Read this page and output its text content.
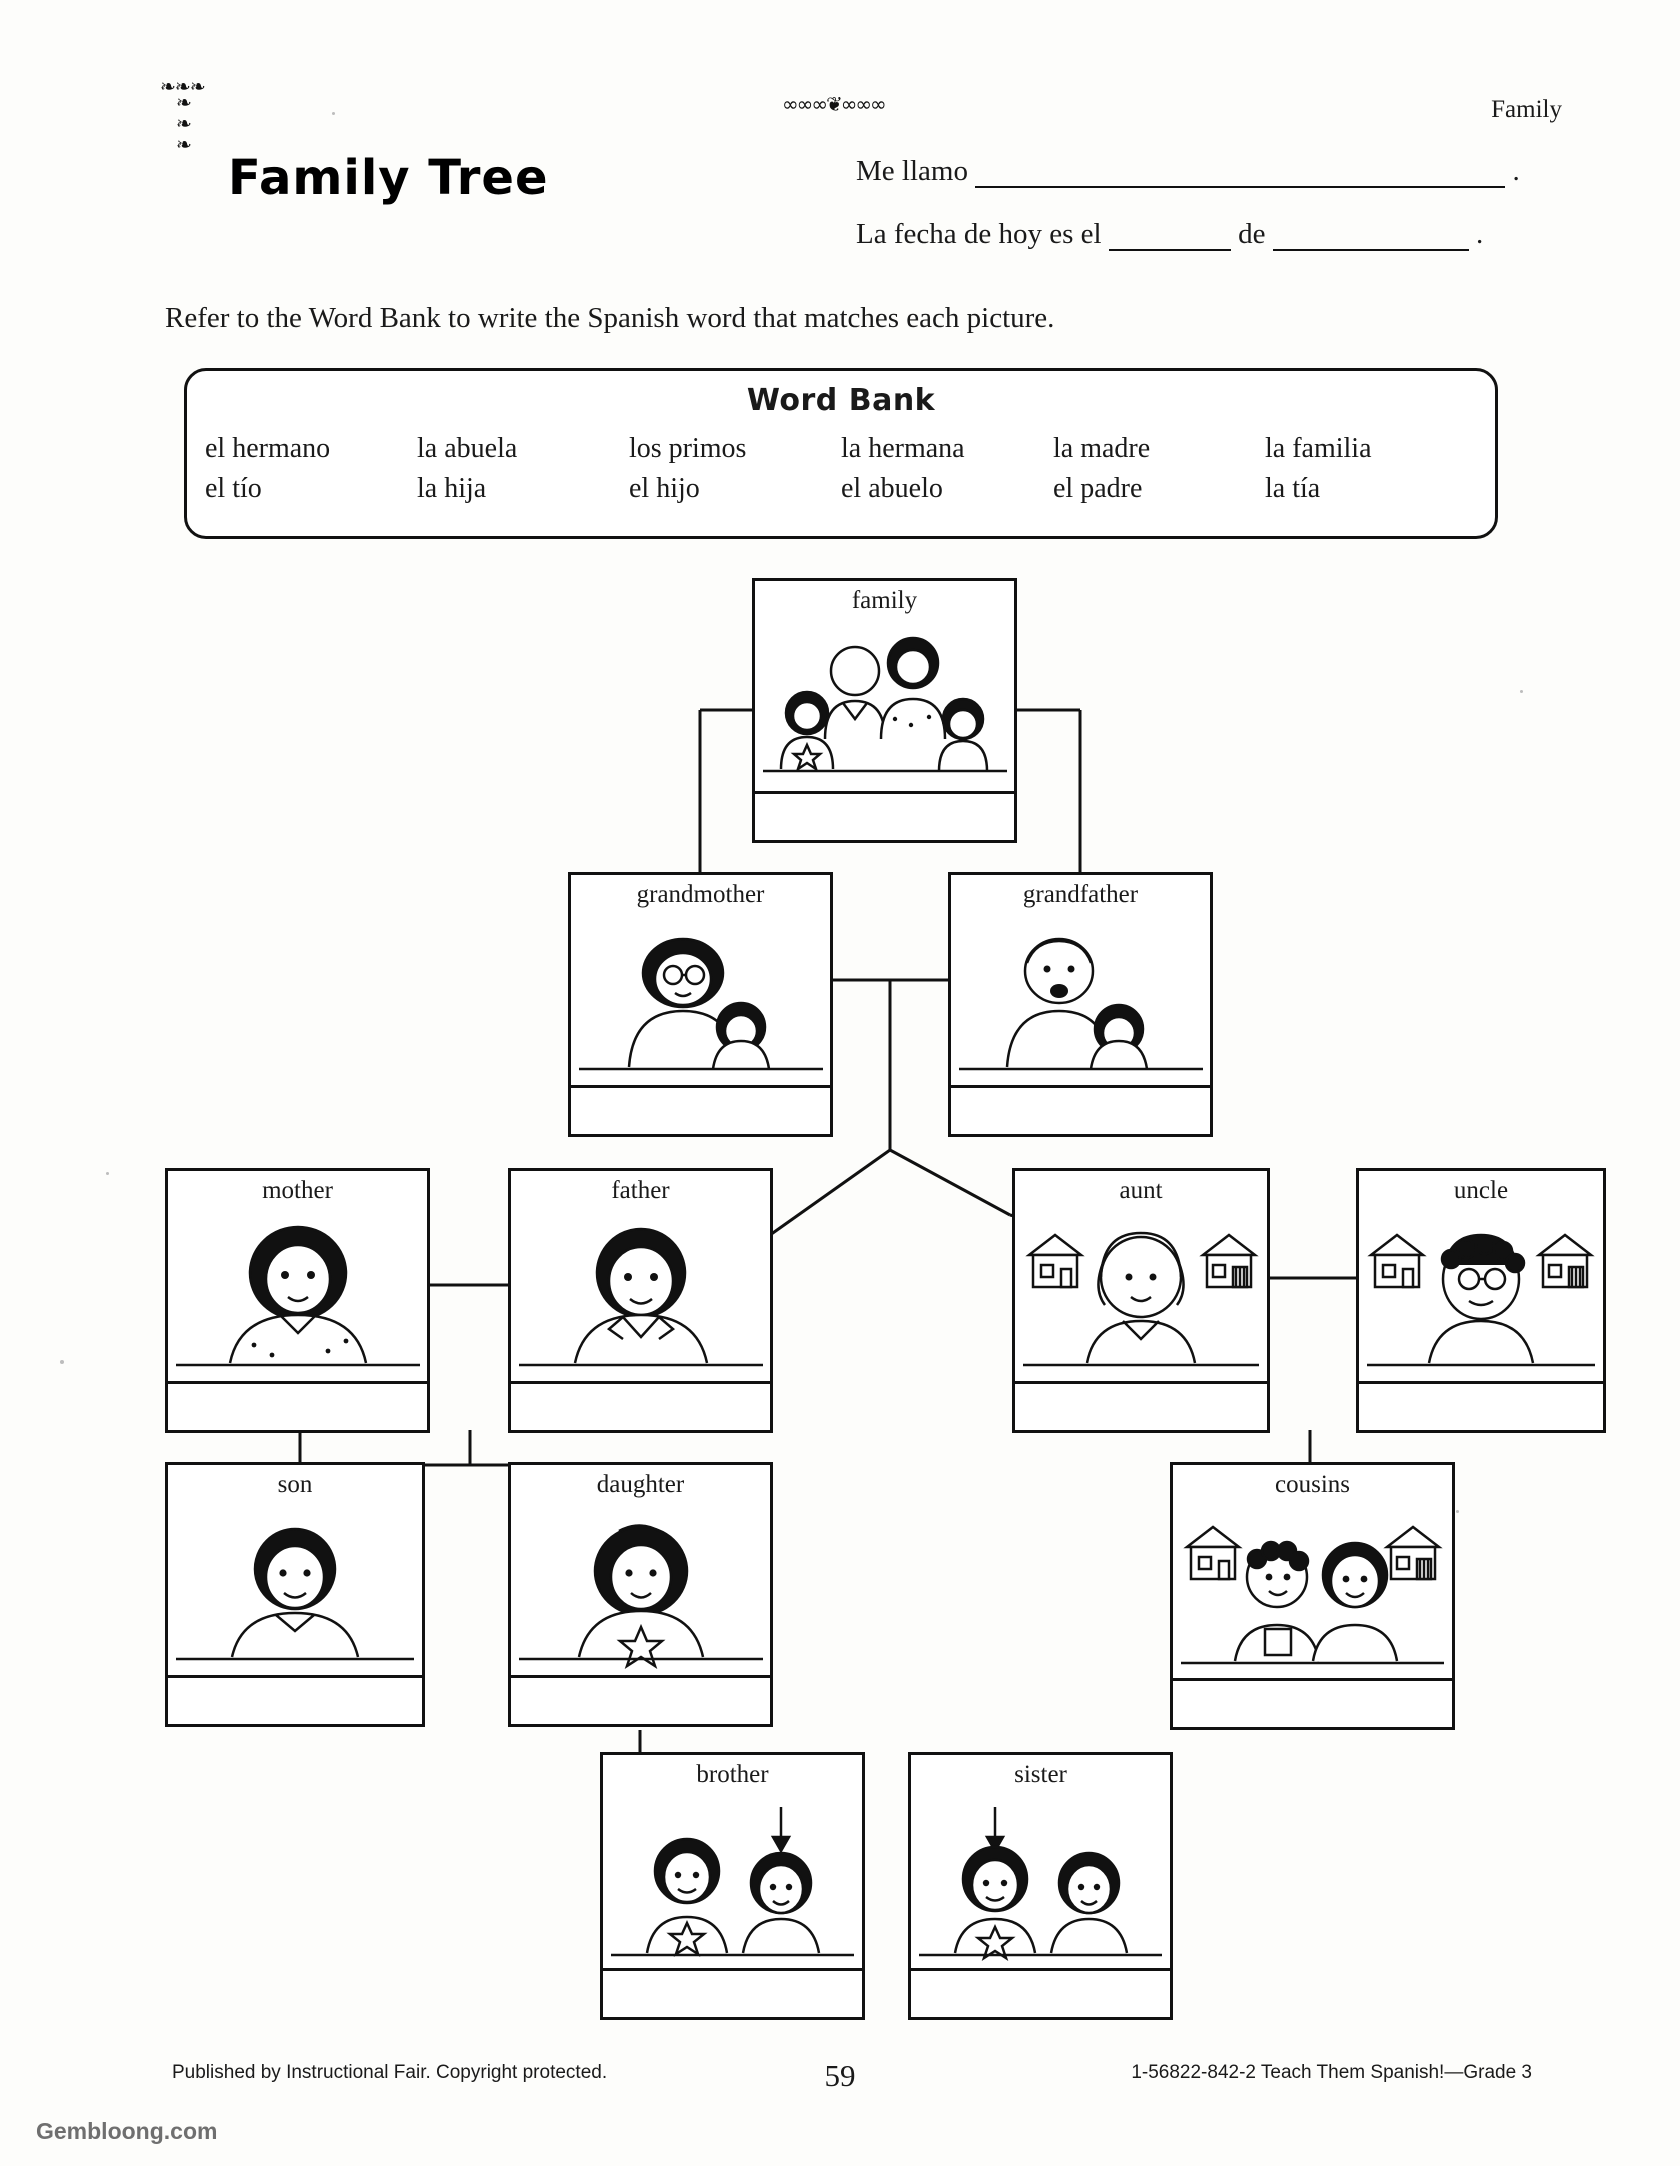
Family
❧❧❧
❧❧❧
Family Tree
∞∞∞❦∞∞∞
Me llamo	.
La fecha de hoy es el	de	.
Refer to the Word Bank to write the Spanish word that matches each picture.
Word Bank
el hermano	la abuela	los primos	la hermana	la madre	la familia
el tío	la hija	el hijo	el abuelo	el padre	la tía
family
grandmother	grandfather
mother	father	aunt	uncle
son	daughter	cousins
brother	sister
Published by Instructional Fair. Copyright protected.	59	1-56822-842-2 Teach Them Spanish!—Grade 3
Gembloong.com
